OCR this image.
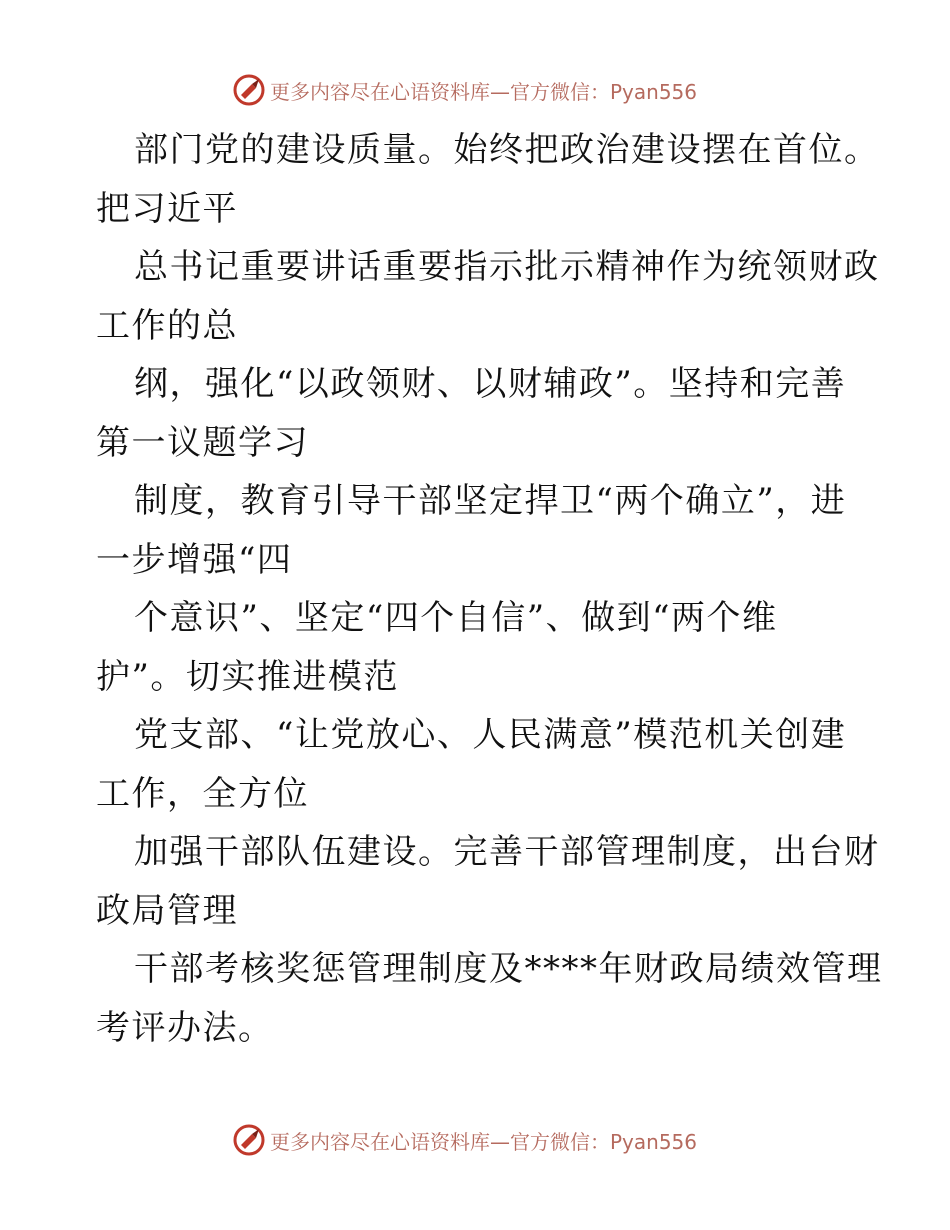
更多内容尽在心语资料库—官方微信：Pyan556
部门党的建设质量。始终把政治建设摆在首位。
把习近平
总书记重要讲话重要指示批示精神作为统领财政
工作的总
纲，强化“以政领财、以财辅政”。坚持和完善
第一议题学习
制度，教育引导干部坚定捍卫“两个确立”，进
一步增强“四
个意识”、坚定“四个自信”、做到“两个维
护”。切实推进模范
党支部、“让党放心、人民满意”模范机关创建
工作，全方位
加强干部队伍建设。完善干部管理制度，出台财
政局管理
干部考核奖惩管理制度及****年财政局绩效管理
考评办法。
更多内容尽在心语资料库—官方微信：Pyan556
